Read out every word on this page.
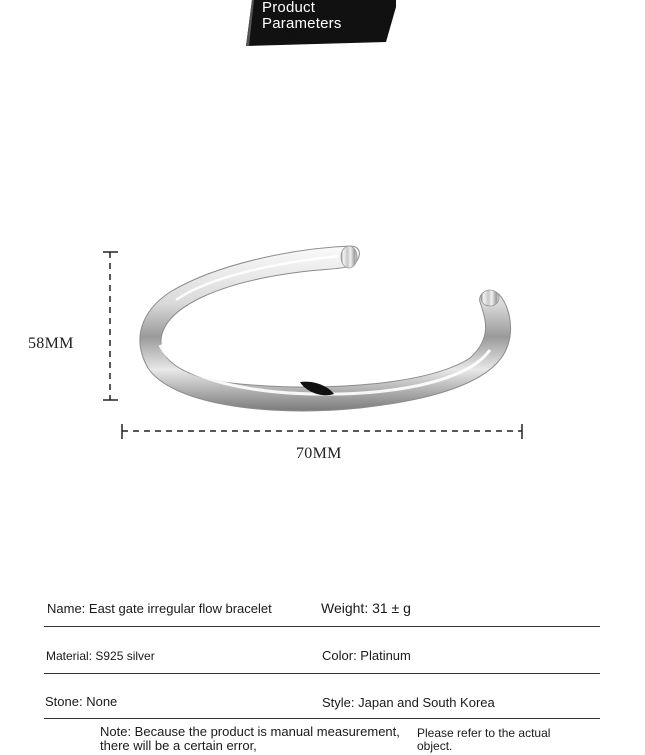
Product
Parameters
PARAMETER
58MM
70MM
Name: East gate irregular flow bracelet	Weight: 31 ± g
Material: S925 silver	Color: Platinum
Stone: None	Style: Japan and South Korea
Note: Because the product is manual measurement, there will be a certain error,
Please refer to the actual object.
